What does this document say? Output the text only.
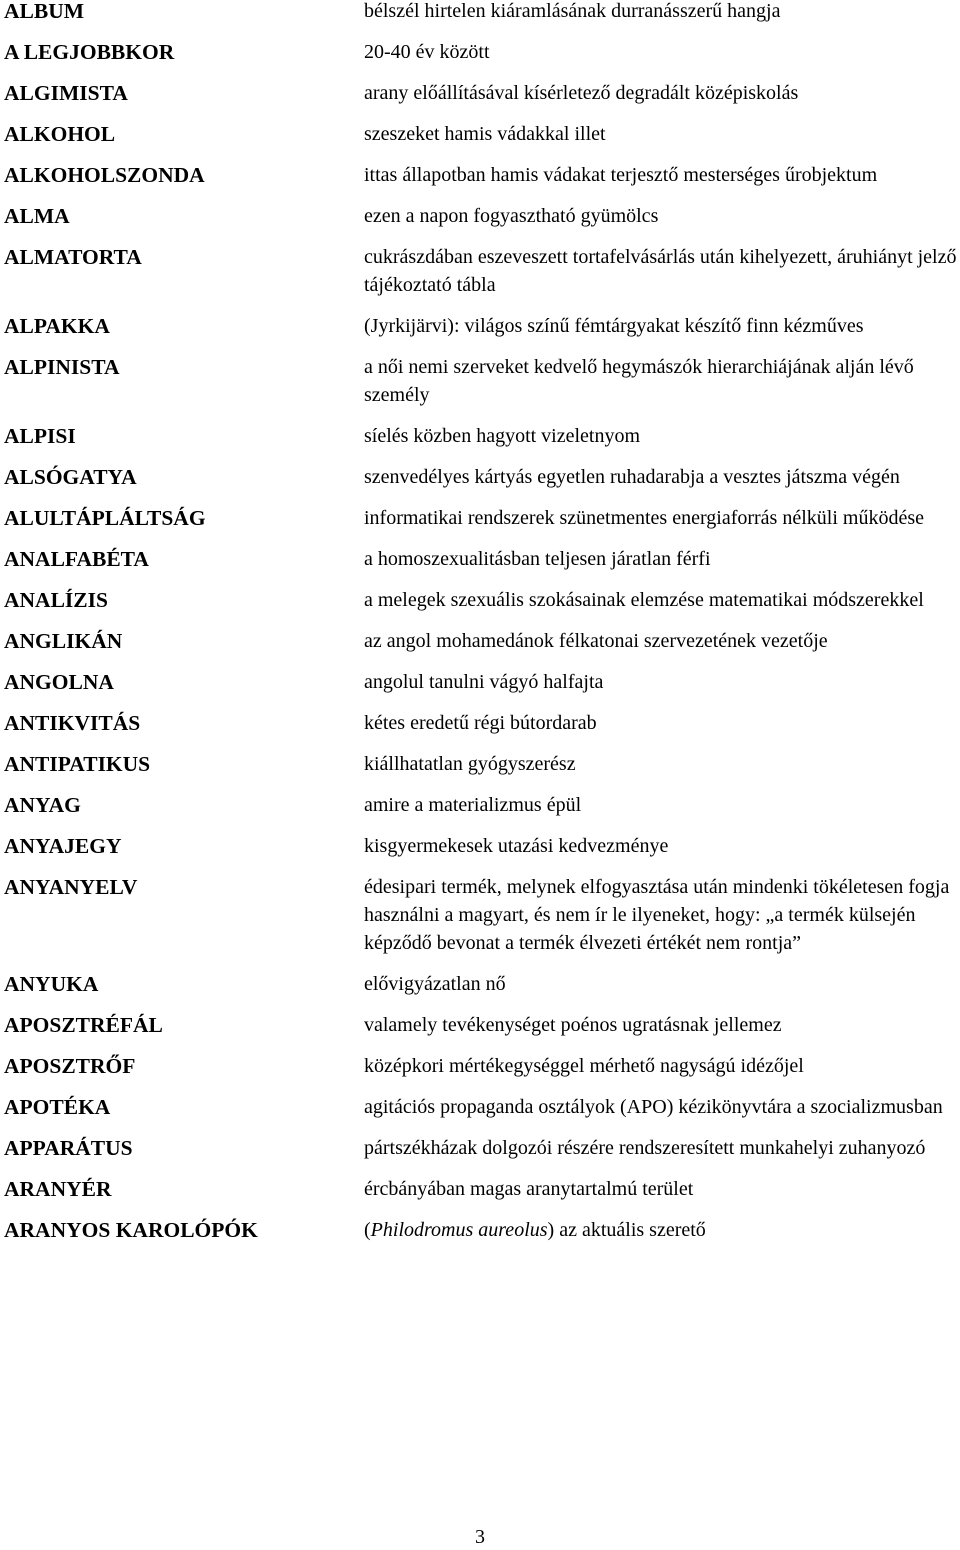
ALBUM	bélszél hirtelen kiáramlásának durranásszerű hangja
A LEGJOBBKOR	20-40 év között
ALGIMISTA	arany előállításával kísérletező degradált középiskolás
ALKOHOL	szeszeket hamis vádakkal illet
ALKOHOLSZONDA	ittas állapotban hamis vádakat terjesztő mesterséges űrobjektum
ALMA	ezen a napon fogyasztható gyümölcs
ALMATORTA	cukrászdában eszeveszett tortafelvásárlás után kihelyezett, áruhiányt jelző tájékoztató tábla
ALPAKKA	(Jyrkijärvi): világos színű fémtárgyakat készítő finn kézműves
ALPINISTA	a női nemi szerveket kedvelő hegymászók hierarchiájának alján lévő személy
ALPISI	síelés közben hagyott vizeletnyom
ALSÓGATYA	szenvedélyes kártyás egyetlen ruhadarabja a vesztes játszma végén
ALULTÁPLÁLTSÁG	informatikai rendszerek szünetmentes energiaforrás nélküli működése
ANALFABÉTA	a homoszexualitásban teljesen járatlan férfi
ANALÍZIS	a melegek szexuális szokásainak elemzése matematikai módszerekkel
ANGLIKÁN	az angol mohamedánok félkatonai szervezetének vezetője
ANGOLNA	angolul tanulni vágyó halfajta
ANTIKVITÁS	kétes eredetű régi bútordarab
ANTIPATIKUS	kiállhatatlan gyógyszerész
ANYAG	amire a materializmus épül
ANYAJEGY	kisgyermekesek utazási kedvezménye
ANYANYELV	édesipari termék, melynek elfogyasztása után mindenki tökéletesen fogja használni a magyart, és nem ír le ilyeneket, hogy: „a termék külsején képződő bevonat a termék élvezeti értékét nem rontja”
ANYUKA	elővigyázatlan nő
APOSZTRÉFÁL	valamely tevékenységet poénos ugratásnak jellemez
APOSZTRŐF	középkori mértékegységgel mérhető nagyságú idézőjel
APOTÉKA	agitációs propaganda osztályok (APO) kézikönyvtára a szocializmusban
APPARÁTUS	pártszékházak dolgozói részére rendszeresített munkahelyi zuhanyozó
ARANYÉR	ércbányában magas aranytartalmú terület
ARANYOS KAROLÓPÓK	(Philodromus aureolus) az aktuális szerető
3
